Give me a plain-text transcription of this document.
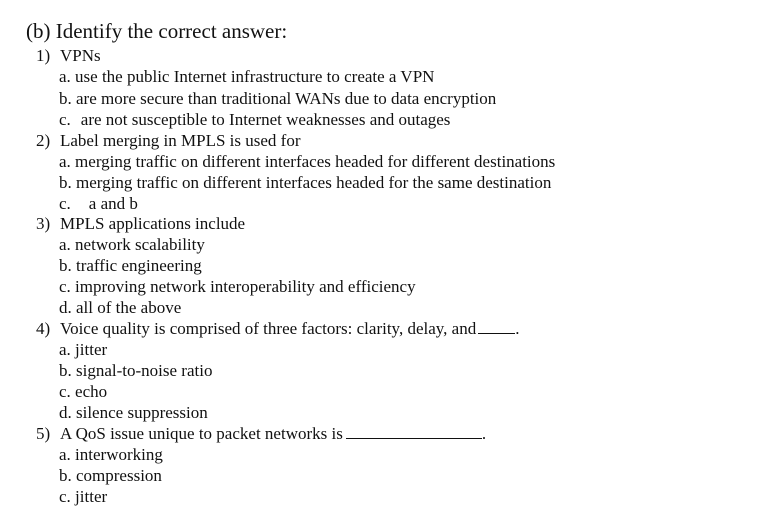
(b) Identify the correct answer:
1) VPNs
a. use the public Internet infrastructure to create a VPN
b. are more secure than traditional WANs due to data encryption
c. are not susceptible to Internet weaknesses and outages
2) Label merging in MPLS is used for
a. merging traffic on different interfaces headed for different destinations
b. merging traffic on different interfaces headed for the same destination
c. a and b
3) MPLS applications include
a. network scalability
b. traffic engineering
c. improving network interoperability and efficiency
d. all of the above
4) Voice quality is comprised of three factors: clarity, delay, and .
a. jitter
b. signal-to-noise ratio
c. echo
d. silence suppression
5) A QoS issue unique to packet networks is	.
a. interworking
b. compression
c. jitter
